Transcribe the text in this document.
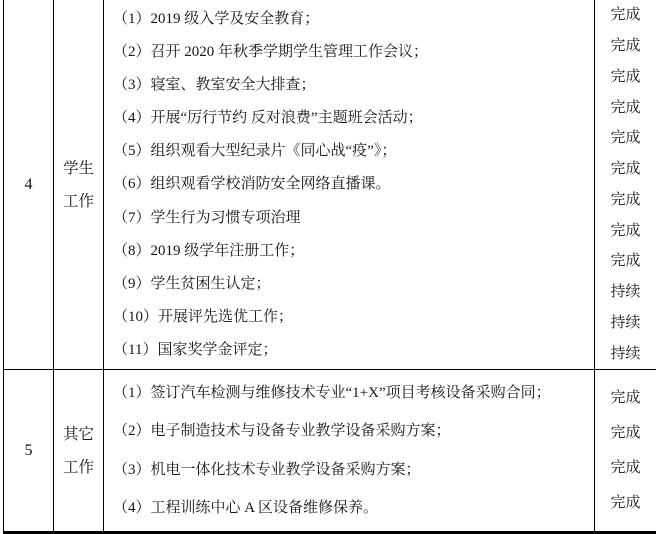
4
学生
工作
（1）2019 级入学及安全教育；
（2）召开 2020 年秋季学期学生管理工作会议；
（3）寝室、教室安全大排查；
（4）开展“厉行节约 反对浪费”主题班会活动；
（5）组织观看大型纪录片《同心战“疫”》；
（6）组织观看学校消防安全网络直播课。
（7）学生行为习惯专项治理
（8）2019 级学年注册工作；
（9）学生贫困生认定；
（10）开展评先选优工作；
（11）国家奖学金评定；
完成
完成
完成
完成
完成
完成
完成
完成
完成
持续
持续
持续
5
其它
工作
（1）签订汽车检测与维修技术专业“1+X”项目考核设备采购合同；
（2）电子制造技术与设备专业教学设备采购方案；
（3）机电一体化技术专业教学设备采购方案；
（4）工程训练中心 A 区设备维修保养。
完成
完成
完成
完成
